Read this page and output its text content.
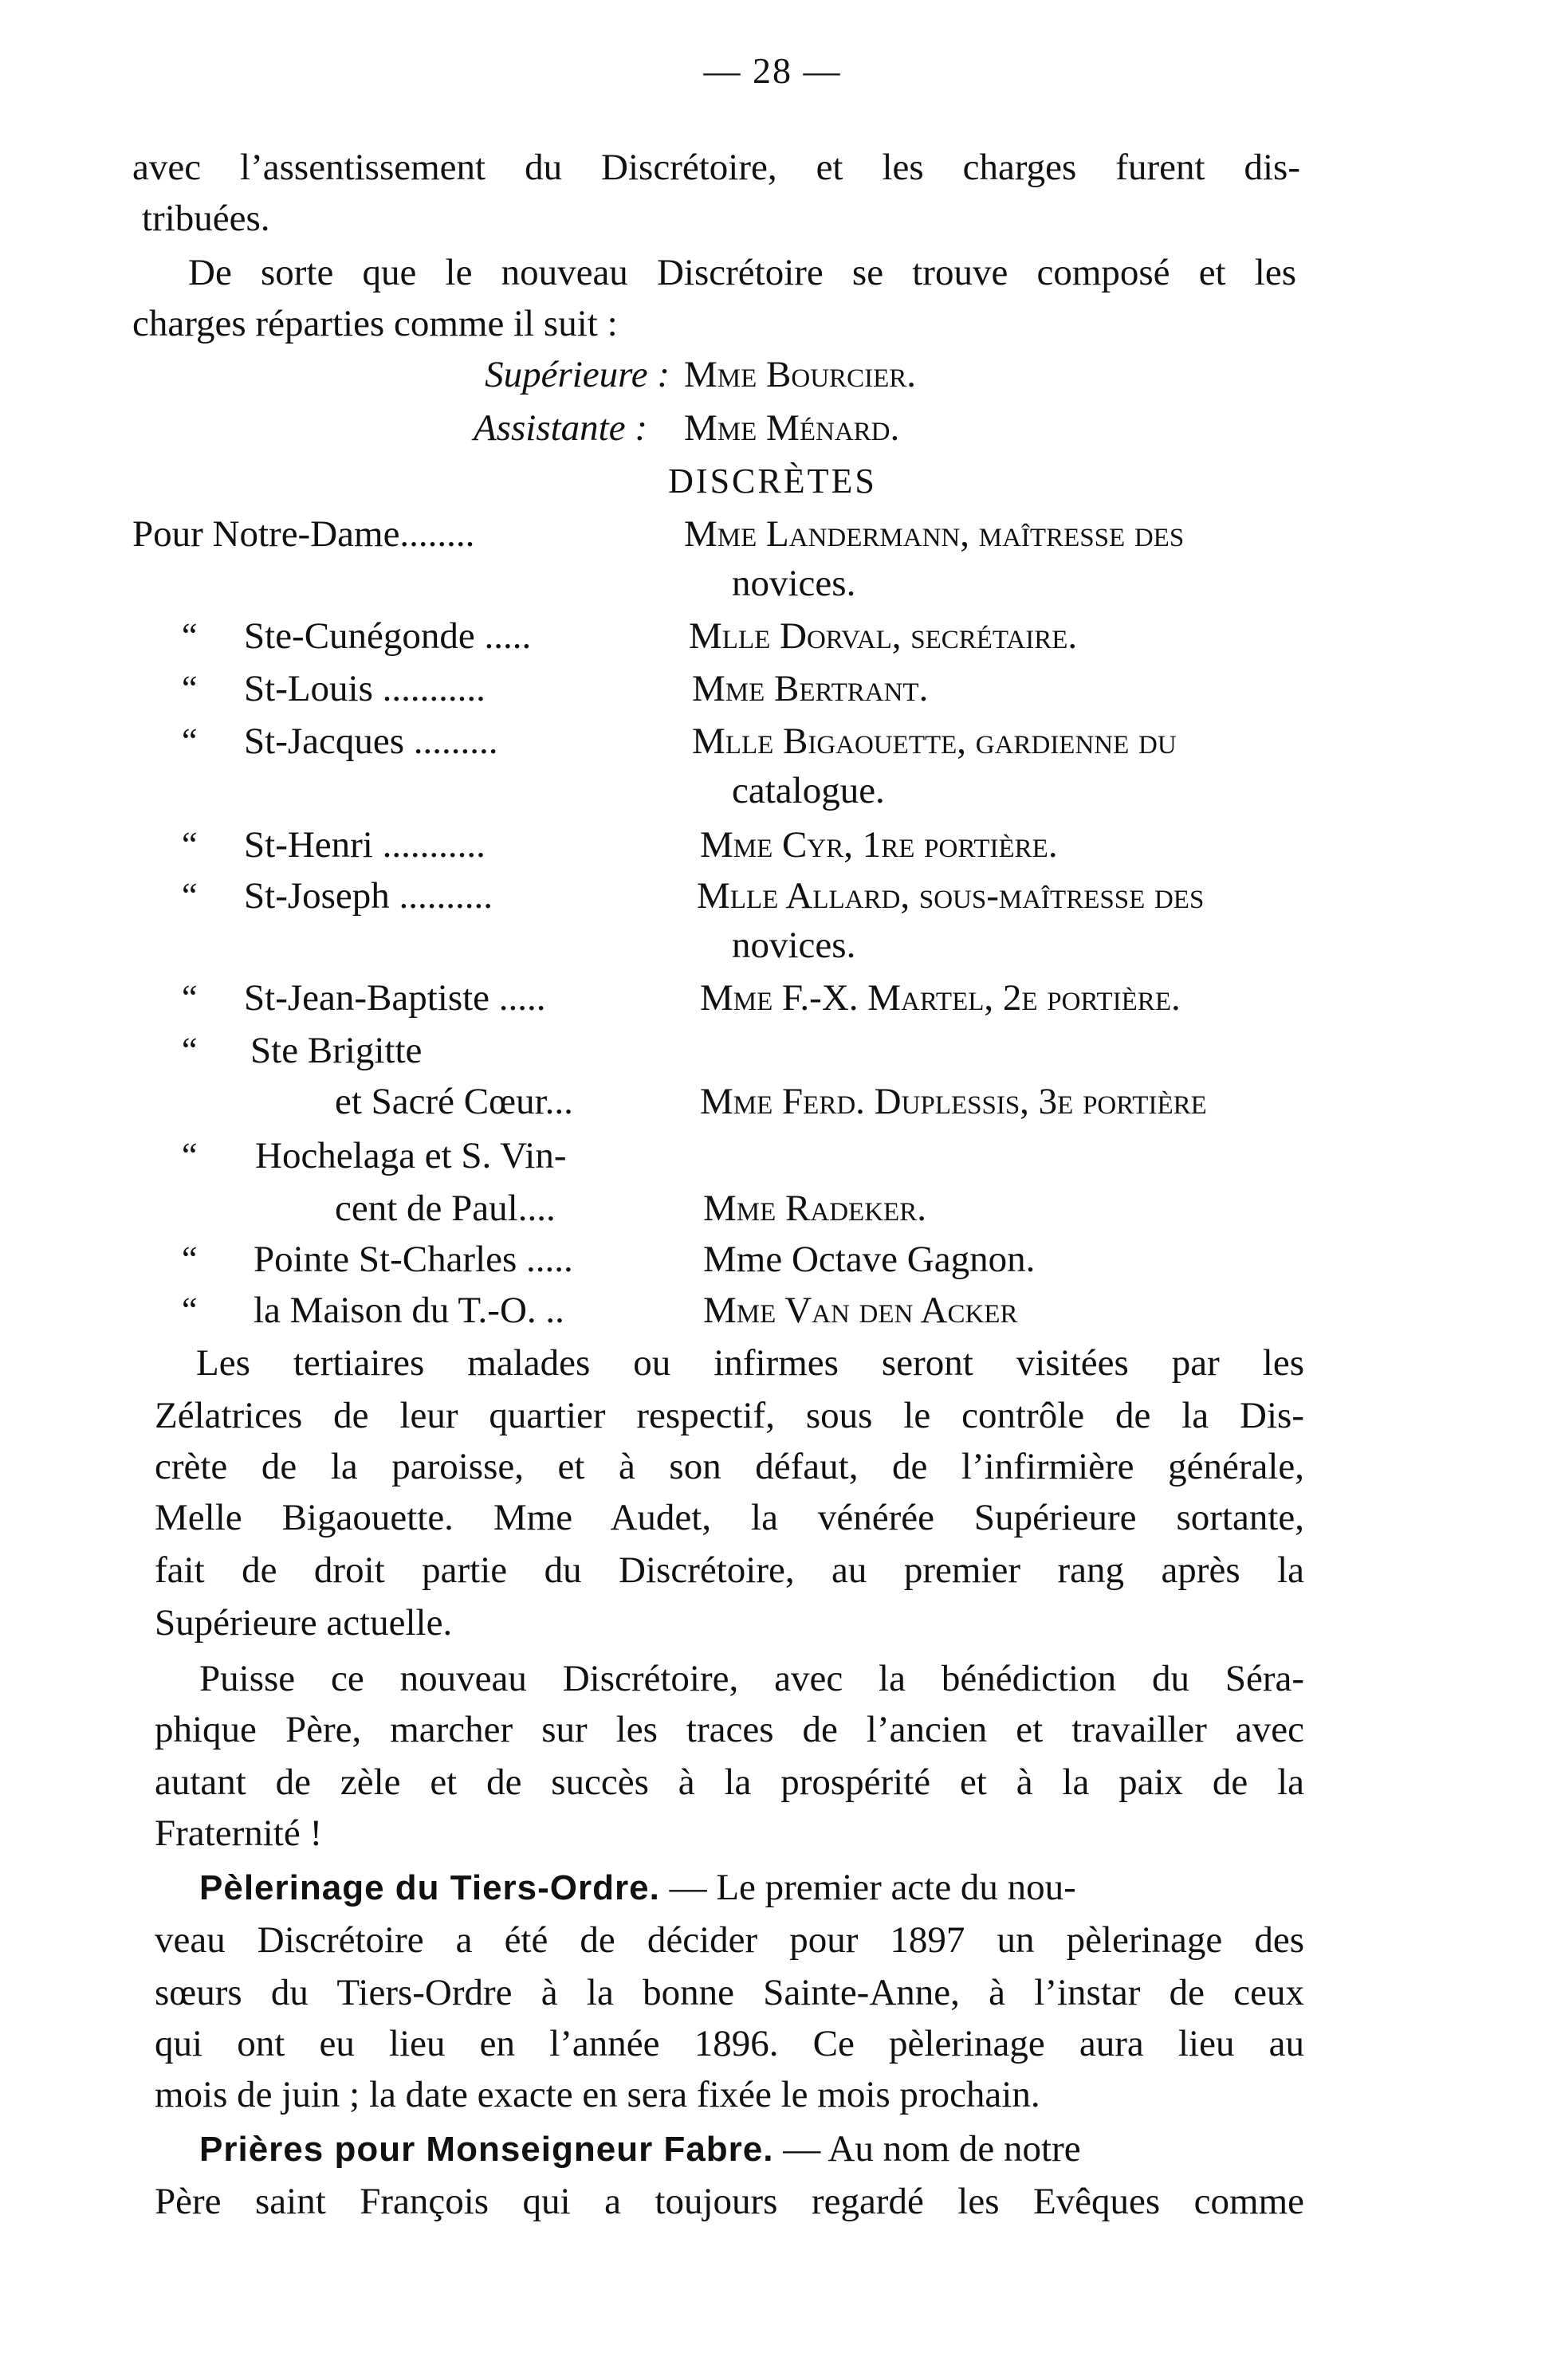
— 28 —
avec l’assentissement du Discrétoire, et les charges furent dis-
tribuées.
De sorte que le nouveau Discrétoire se trouve composé et les
charges réparties comme il suit :
Supérieure : Mme Bourcier.
Assistante : Mme Ménard.
DISCRÈTES
Pour Notre-Dame........	Mme Landermann, maîtresse des
novices.
“ Ste-Cunégonde .....	Mlle Dorval, secrétaire.
“ St-Louis ...........	Mme Bertrant.
“ St-Jacques .........	Mlle Bigaouette, gardienne du
catalogue.
“ St-Henri ...........	Mme Cyr, 1re portière.
“ St-Joseph ..........	Mlle Allard, sous-maîtresse des
novices.
“ St-Jean-Baptiste .....	Mme F.-X. Martel, 2e portière.
“ Ste Brigitte
et Sacré Cœur...	Mme Ferd. Duplessis, 3e portière
“ Hochelaga et S. Vin-
cent de Paul....	Mme Radeker.
“ Pointe St-Charles .....	Mme Octave Gagnon.
“ la Maison du T.-O. ..	Mme Van den Acker
Les tertiaires malades ou infirmes seront visitées par les
Zélatrices de leur quartier respectif, sous le contrôle de la Dis-
crète de la paroisse, et à son défaut, de l’infirmière générale,
Melle Bigaouette. Mme Audet, la vénérée Supérieure sortante,
fait de droit partie du Discrétoire, au premier rang après la
Supérieure actuelle.
Puisse ce nouveau Discrétoire, avec la bénédiction du Séra-
phique Père, marcher sur les traces de l’ancien et travailler avec
autant de zèle et de succès à la prospérité et à la paix de la
Fraternité !
Pèlerinage du Tiers-Ordre. — Le premier acte du nou-
veau Discrétoire a été de décider pour 1897 un pèlerinage des
sœurs du Tiers-Ordre à la bonne Sainte-Anne, à l’instar de ceux
qui ont eu lieu en l’année 1896. Ce pèlerinage aura lieu au
mois de juin ; la date exacte en sera fixée le mois prochain.
Prières pour Monseigneur Fabre. — Au nom de notre
Père saint François qui a toujours regardé les Evêques comme
